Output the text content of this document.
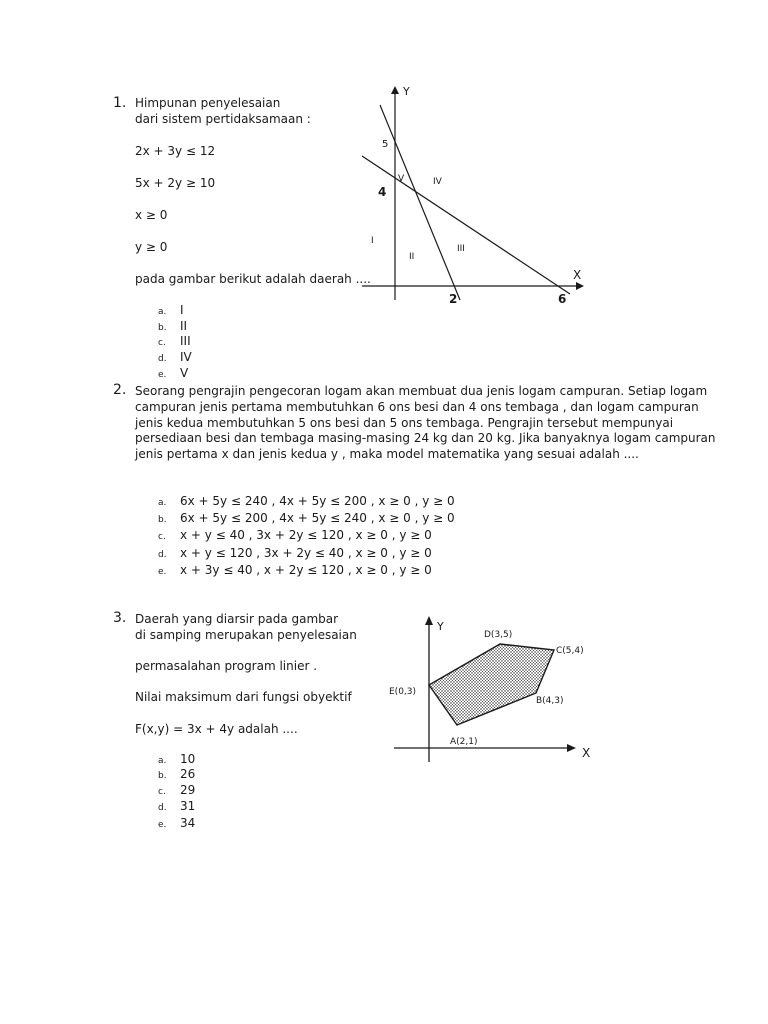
1. Himpunan penyelesaian
dari sistem pertidaksamaan :
2x + 3y ≤ 12
5x + 2y ≥ 10
x ≥ 0
y ≥ 0
pada gambar berikut adalah daerah ....
a. I
b. II
c. III
d. IV
e. V
Y
X
5
4
2	6
I
II
III
IV
V
2. Seorang pengrajin pengecoran logam akan membuat dua jenis logam campuran. Setiap logam
campuran jenis pertama membutuhkan 6 ons besi dan 4 ons tembaga , dan logam campuran
jenis kedua membutuhkan 5 ons besi dan 5 ons tembaga. Pengrajin tersebut mempunyai
persediaan besi dan tembaga masing-masing 24 kg dan 20 kg. Jika banyaknya logam campuran
jenis pertama x dan jenis kedua y , maka model matematika yang sesuai adalah ....
a. 6x + 5y ≤ 240 , 4x + 5y ≤ 200 , x ≥ 0 , y ≥ 0
b. 6x + 5y ≤ 200 , 4x + 5y ≤ 240 , x ≥ 0 , y ≥ 0
c. x + y ≤ 40 , 3x + 2y ≤ 120 , x ≥ 0 , y ≥ 0
d. x + y ≤ 120 , 3x + 2y ≤ 40 , x ≥ 0 , y ≥ 0
e. x + 3y ≤ 40 , x + 2y ≤ 120 , x ≥ 0 , y ≥ 0
3. Daerah yang diarsir pada gambar
di samping merupakan penyelesaian
permasalahan program linier .
Nilai maksimum dari fungsi obyektif
F(x,y) = 3x + 4y adalah ....
a. 10
b. 26
c. 29
d. 31
e. 34
Y
X
A(2,1)
B(4,3)
C(5,4)
D(3,5)
E(0,3)
